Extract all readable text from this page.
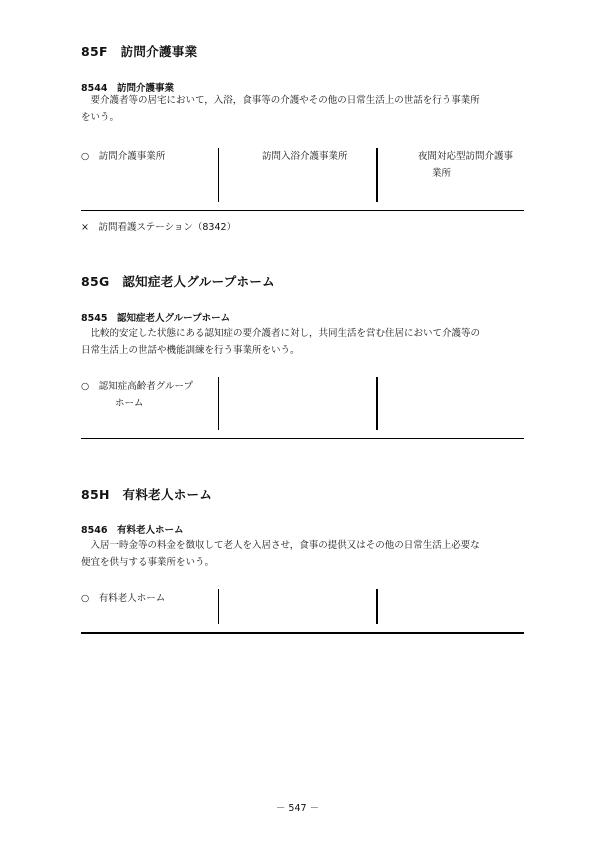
85F　訪問介護事業
8544　訪問介護事業
　要介護者等の居宅において，入浴，食事等の介護やその他の日常生活上の世話を行う事業所
をいう。
○　訪問介護事業所	訪問入浴介護事業所	夜間対応型訪問介護事
業所
×　訪問看護ステーション（8342）
85G　認知症老人グループホーム
8545　認知症老人グループホーム
　比較的安定した状態にある認知症の要介護者に対し，共同生活を営む住居において介護等の
日常生活上の世話や機能訓練を行う事業所をいう。
○　認知症高齢者グループ
ホーム
85H　有料老人ホーム
8546　有料老人ホーム
　入居一時金等の料金を徴収して老人を入居させ，食事の提供又はその他の日常生活上必要な
便宜を供与する事業所をいう。
○　有料老人ホーム
－ 547 －
